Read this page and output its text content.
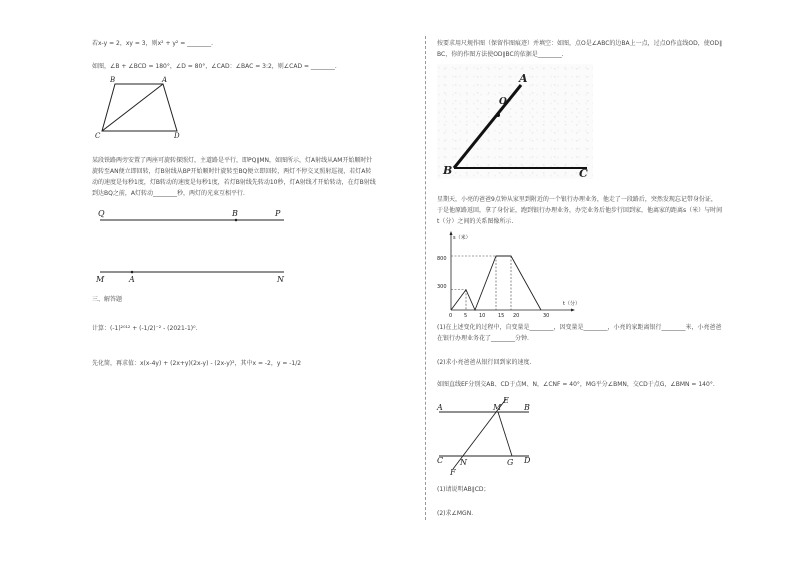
若x-y = 2，xy = 3，则x² + y² = ________.
如图，∠B + ∠BCD = 180°，∠D = 80°，∠CAD：∠BAC = 3:2，则∠CAD = ________.
B	A
C	D
某段铁路两旁安置了两座可旋转探照灯，主道路是平行，即PQ∥MN，如图所示，灯A射线从AM开始顺时针
旋转至AN便立即回转，灯B射线从BP开始顺时针旋转至BQ便立即回转，两灯不停交叉照射巡视，若灯A转
动的速度是每秒1度，灯B转动的速度是每秒1度，若灯B射线先转动10秒，灯A射线才开始转动，在灯B射线
到达BQ之前，A灯转动________秒，两灯的光束互相平行.
Q	B	P
M	A	N
三、解答题
计算：(-1)²⁰¹² + (-1/2)⁻² - (2021-1)⁰.
先化简，再求值：x(x-4y) + (2x+y)(2x-y) - (2x-y)²，其中x = -2，y = -1/2
按要求用尺规作图（保留作图痕迹）并填空：如图，点O是∠ABC的边BA上一点，过点O作直线OD，使OD∥
BC，你的作图方法使OD∥BC的依据是________.
A
O
B	C
星期天，小亮的爸爸9点钟从家里到附近的一个银行办理业务，他走了一段路后，突然发现忘记带身份证，
于是他原路返回，拿了身份证，跑到银行办理业务，办完业务后他步行回到家，他离家的距离s（米）与时间
t（分）之间的关系图像所示.
s（米）
t（分）
800
300
0 5 10	15 20	30
(1)在上述变化的过程中，自变量是________，因变量是________，小亮的家距离银行________米，小亮爸爸
在银行办理业务花了________分钟.
(2)求小亮爸爸从银行回到家的速度.
如图直线EF分别交AB、CD于点M、N，∠CNF = 40°，MG平分∠BMN，交CD于点G，∠BMN = 140°.
A	M
E
B
C N	G D
F
(1)请说明AB∥CD；
(2)求∠MGN.
